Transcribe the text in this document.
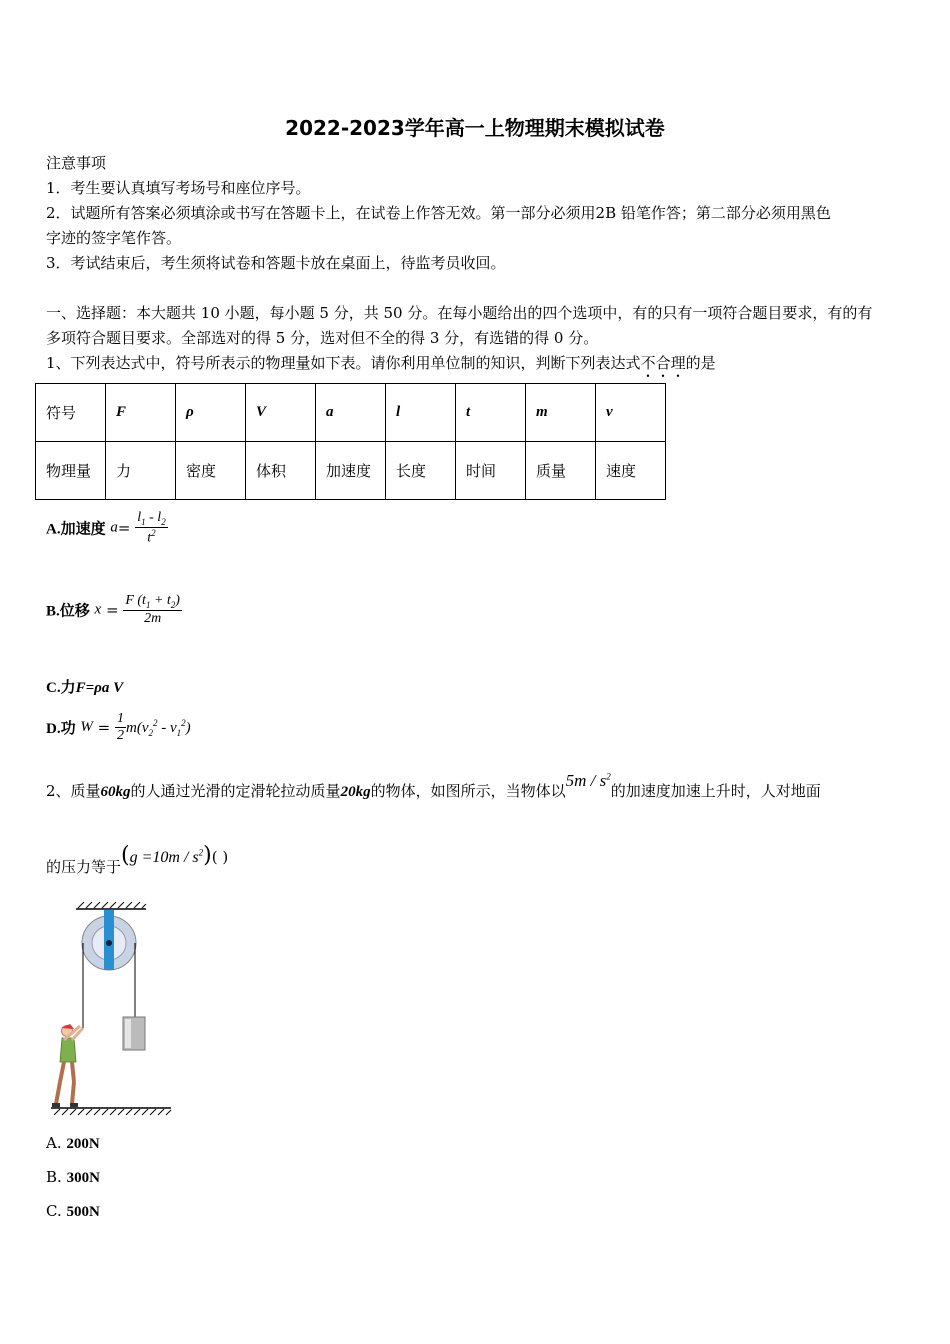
2022-2023学年高一上物理期末模拟试卷
注意事项
1．考生要认真填写考场号和座位序号。
2．试题所有答案必须填涂或书写在答题卡上，在试卷上作答无效。第一部分必须用2B 铅笔作答；第二部分必须用黑色
字迹的签字笔作答。
3．考试结束后，考生须将试卷和答题卡放在桌面上，待监考员收回。
一、选择题：本大题共 10 小题，每小题 5 分，共 50 分。在每小题给出的四个选项中，有的只有一项符合题目要求，有的有
多项符合题目要求。全部选对的得 5 分，选对但不全的得 3 分，有选错的得 0 分。
1、下列表达式中，符号所表示的物理量如下表。请你利用单位制的知识，判断下列表达式不合理的是
符号	F	ρ	V	a	l	t	m	v
物理量	力	密度	体积	加速度	长度	时间	质量	速度
A.加速度 $a= \frac{l_1 - l_2}{t^2}$
B.位移 $x = \frac{F (t_1 + t_2)}{2m}$
C.力F=ρa V
D.功 $W = \frac{1}{2} m(v_2^2 - v_1^2)$
2、质量60kg的人通过光滑的定滑轮拉动质量20kg的物体，如图所示，当物体以$5m / s^2$的加速度加速上升时，人对地面
的压力等于$(g =10m / s^2)$( )
A. 200N
B. 300N
C. 500N
